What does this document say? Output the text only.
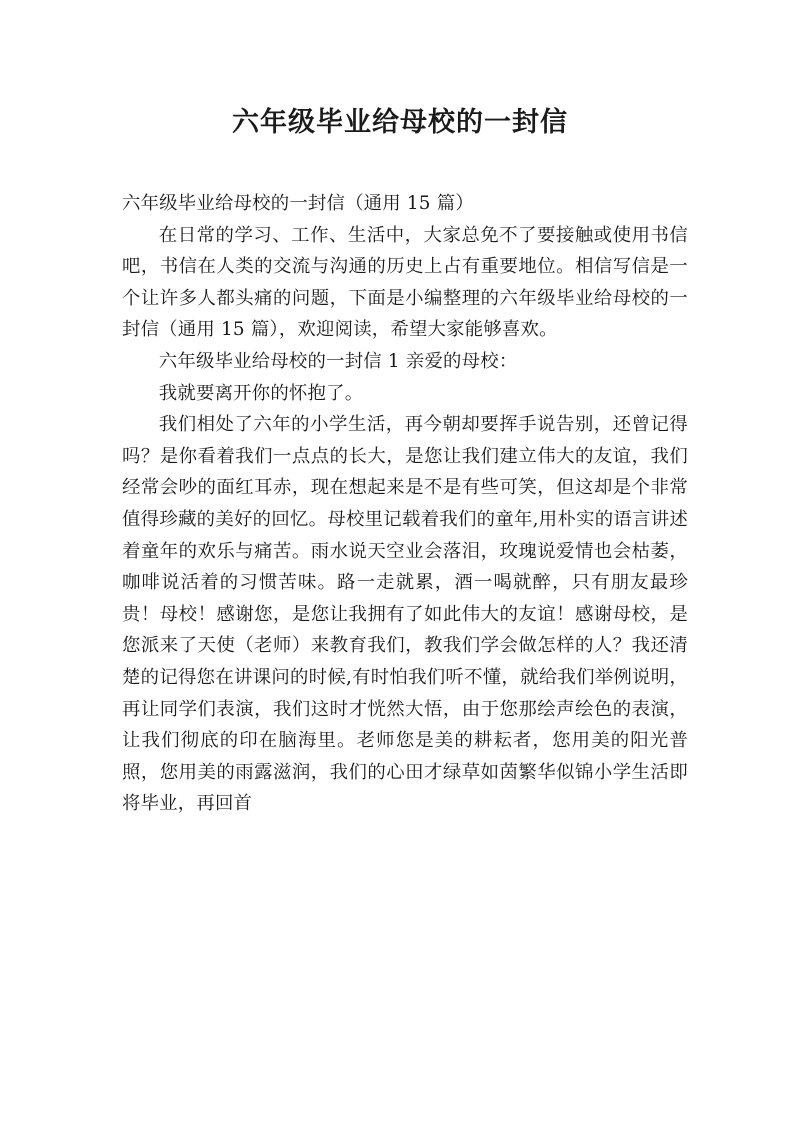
六年级毕业给母校的一封信

六年级毕业给母校的一封信（通用 15 篇）

在日常的学习、工作、生活中，大家总免不了要接触或使用书信吧，书信在人类的交流与沟通的历史上占有重要地位。相信写信是一个让许多人都头痛的问题，下面是小编整理的六年级毕业给母校的一封信（通用 15 篇），欢迎阅读，希望大家能够喜欢。

六年级毕业给母校的一封信 1 亲爱的母校：

我就要离开你的怀抱了。

我们相处了六年的小学生活，再今朝却要挥手说告别，还曾记得吗？是你看着我们一点点的长大，是您让我们建立伟大的友谊，我们经常会吵的面红耳赤，现在想起来是不是有些可笑，但这却是个非常值得珍藏的美好的回忆。母校里记载着我们的童年,用朴实的语言讲述着童年的欢乐与痛苦。雨水说天空业会落泪，玫瑰说爱情也会枯萎，咖啡说活着的习惯苦味。路一走就累，酒一喝就醉，只有朋友最珍贵！母校！感谢您，是您让我拥有了如此伟大的友谊！感谢母校，是您派来了天使（老师）来教育我们，教我们学会做怎样的人？我还清楚的记得您在讲课问的时候,有时怕我们听不懂，就给我们举例说明，再让同学们表演，我们这时才恍然大悟，由于您那绘声绘色的表演，让我们彻底的印在脑海里。老师您是美的耕耘者，您用美的阳光普照，您用美的雨露滋润，我们的心田才绿草如茵繁华似锦小学生活即将毕业，再回首
